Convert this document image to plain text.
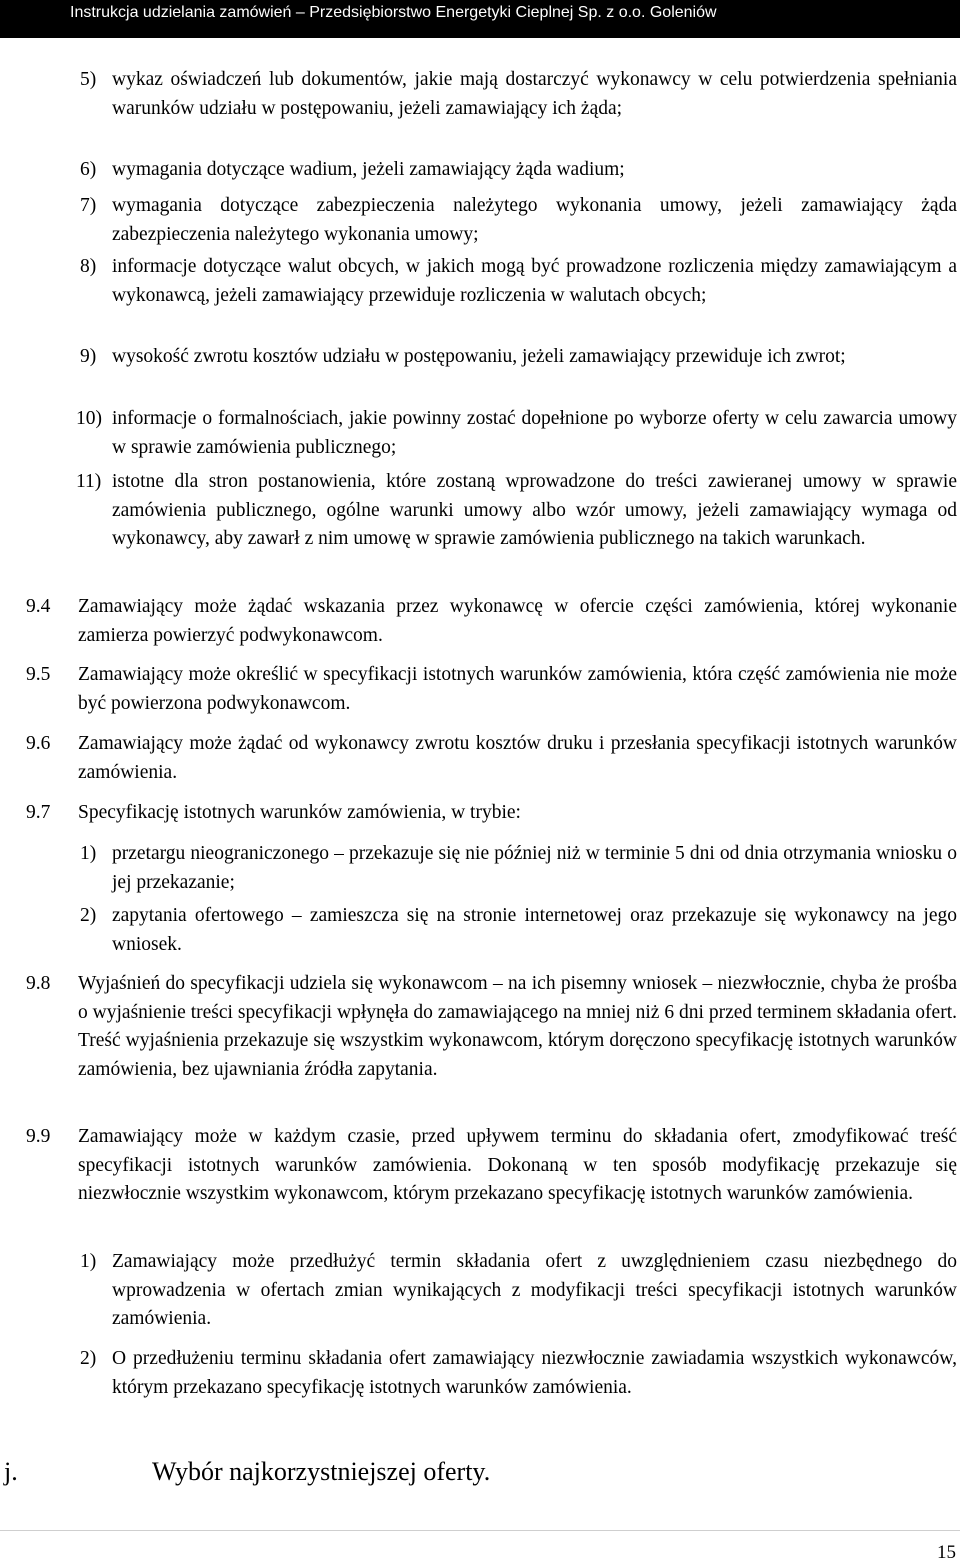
Instrukcja udzielania zamówień – Przedsiębiorstwo Energetyki Cieplnej Sp. z o.o. Goleniów
5) wykaz oświadczeń lub dokumentów, jakie mają dostarczyć wykonawcy w celu potwierdzenia spełniania warunków udziału w postępowaniu, jeżeli zamawiający ich żąda;

6) wymagania dotyczące wadium, jeżeli zamawiający żąda wadium;

7) wymagania dotyczące zabezpieczenia należytego wykonania umowy, jeżeli zamawiający żąda zabezpieczenia należytego wykonania umowy;

8) informacje dotyczące walut obcych, w jakich mogą być prowadzone rozliczenia między zamawiającym a wykonawcą, jeżeli zamawiający przewiduje rozliczenia w walutach obcych;

9) wysokość zwrotu kosztów udziału w postępowaniu, jeżeli zamawiający przewiduje ich zwrot;

10) informacje o formalnościach, jakie powinny zostać dopełnione po wyborze oferty w celu zawarcia umowy w sprawie zamówienia publicznego;

11) istotne dla stron postanowienia, które zostaną wprowadzone do treści zawieranej umowy w sprawie zamówienia publicznego, ogólne warunki umowy albo wzór umowy, jeżeli zamawiający wymaga od wykonawcy, aby zawarł z nim umowę w sprawie zamówienia publicznego na takich warunkach.

9.4 Zamawiający może żądać wskazania przez wykonawcę w ofercie części zamówienia, której wykonanie zamierza powierzyć podwykonawcom.

9.5 Zamawiający może określić w specyfikacji istotnych warunków zamówienia, która część zamówienia nie może być powierzona podwykonawcom.

9.6 Zamawiający może żądać od wykonawcy zwrotu kosztów druku i przesłania specyfikacji istotnych warunków zamówienia.

9.7 Specyfikację istotnych warunków zamówienia, w trybie:

1) przetargu nieograniczonego – przekazuje się nie później niż w terminie 5 dni od dnia otrzymania wniosku o jej przekazanie;

2) zapytania ofertowego – zamieszcza się na stronie internetowej oraz przekazuje się wykonawcy na jego wniosek.

9.8 Wyjaśnień do specyfikacji udziela się wykonawcom – na ich pisemny wniosek – niezwłocznie, chyba że prośba o wyjaśnienie treści specyfikacji wpłynęła do zamawiającego na mniej niż 6 dni przed terminem składania ofert. Treść wyjaśnienia przekazuje się wszystkim wykonawcom, którym doręczono specyfikację istotnych warunków zamówienia, bez ujawniania źródła zapytania.

9.9 Zamawiający może w każdym czasie, przed upływem terminu do składania ofert, zmodyfikować treść specyfikacji istotnych warunków zamówienia. Dokonaną w ten sposób modyfikację przekazuje się niezwłocznie wszystkim wykonawcom, którym przekazano specyfikację istotnych warunków zamówienia.

1) Zamawiający może przedłużyć termin składania ofert z uwzględnieniem czasu niezbędnego do wprowadzenia w ofertach zmian wynikających z modyfikacji treści specyfikacji istotnych warunków zamówienia.

2) O przedłużeniu terminu składania ofert zamawiający niezwłocznie zawiadamia wszystkich wykonawców, którym przekazano specyfikację istotnych warunków zamówienia.

j.	Wybór najkorzystniejszej oferty.
15
